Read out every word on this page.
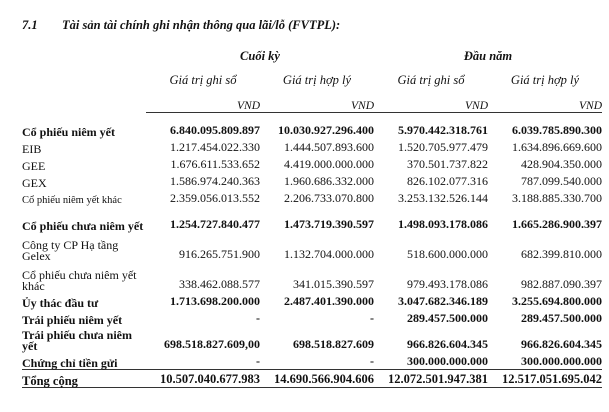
7.1 Tài sản tài chính ghi nhận thông qua lãi/lỗ (FVTPL):
	Cuối kỳ		Đầu năm	
	Giá trị ghi sổ	Giá trị hợp lý	Giá trị ghi sổ	Giá trị hợp lý
	VND	VND	VND	VND

Cổ phiếu niêm yết	6.840.095.809.897	10.030.927.296.400	5.970.442.318.761	6.039.785.890.300
EIB	1.217.454.022.330	1.444.507.893.600	1.520.705.977.479	1.634.896.669.600
GEE	1.676.611.533.652	4.419.000.000.000	370.501.737.822	428.904.350.000
GEX	1.586.974.240.363	1.960.686.332.000	826.102.077.316	787.099.540.000
Cổ phiếu niêm yết khác	2.359.056.013.552	2.206.733.070.800	3.253.132.526.144	3.188.885.330.700
Cổ phiếu chưa niêm yết	1.254.727.840.477	1.473.719.390.597	1.498.093.178.086	1.665.286.900.397
Công ty CP Hạ tầng Gelex	916.265.751.900	1.132.704.000.000	518.600.000.000	682.399.810.000
Cổ phiếu chưa niêm yết khác	338.462.088.577	341.015.390.597	979.493.178.086	982.887.090.397
Ủy thác đầu tư	1.713.698.200.000	2.487.401.390.000	3.047.682.346.189	3.255.694.800.000
Trái phiếu niêm yết	-	-	289.457.500.000	289.457.500.000
Trái phiếu chưa niêm yết	698.518.827.609,00	698.518.827.609	966.826.604.345	966.826.604.345
Chứng chỉ tiền gửi	-	-	300.000.000.000	300.000.000.000
Tổng cộng	10.507.040.677.983	14.690.566.904.606	12.072.501.947.381	12.517.051.695.042
